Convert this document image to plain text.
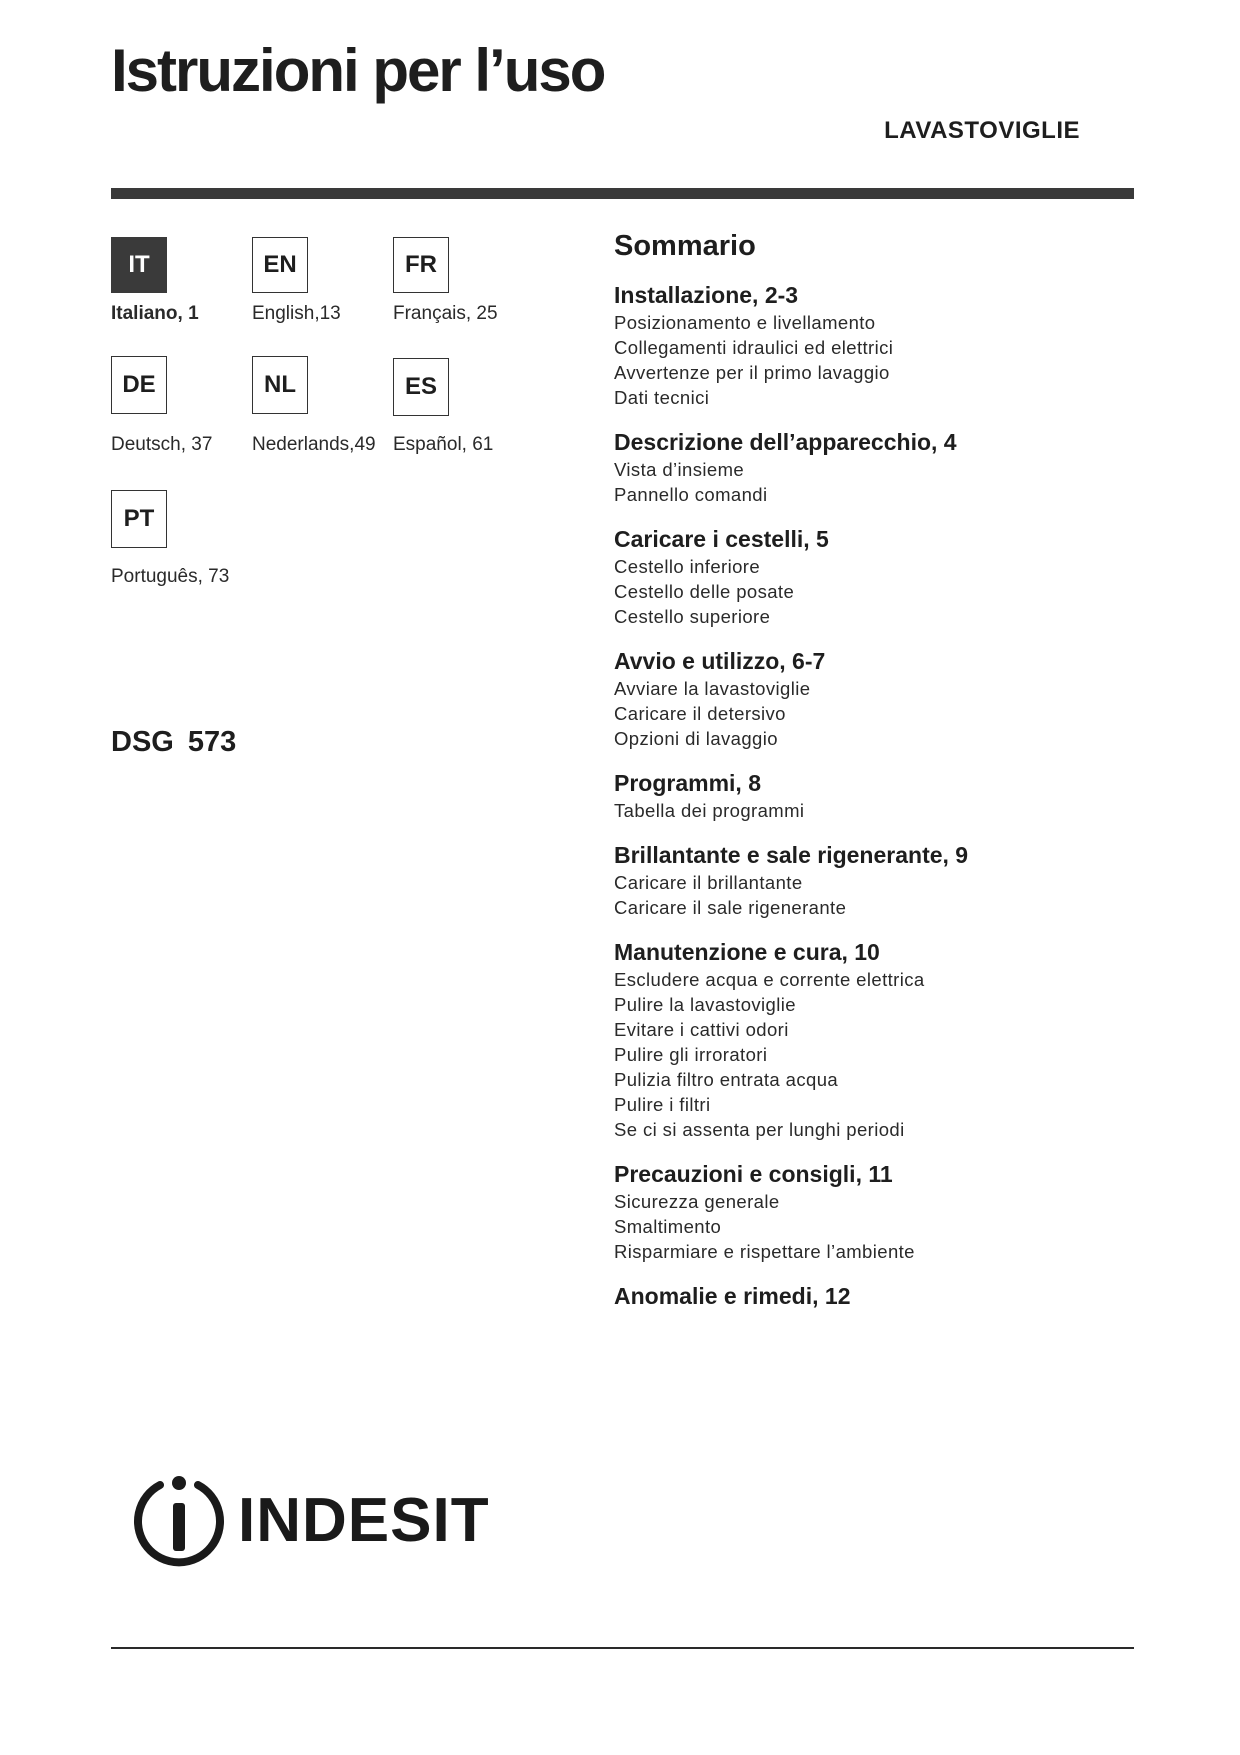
Istruzioni per l’uso
LAVASTOVIGLIE
IT
Italiano, 1
EN
English,13
FR
Français, 25
DE
Deutsch, 37
NL
Nederlands,49
ES
Español, 61
PT
Português, 73
DSG 573
Sommario

Installazione, 2-3

Posizionamento e livellamento

Collegamenti idraulici ed elettrici

Avvertenze per il primo lavaggio

Dati tecnici

Descrizione dell’apparecchio, 4

Vista d’insieme

Pannello comandi

Caricare i cestelli, 5

Cestello inferiore

Cestello delle posate

Cestello superiore

Avvio e utilizzo, 6-7

Avviare la lavastoviglie

Caricare il detersivo

Opzioni di lavaggio

Programmi, 8

Tabella dei programmi

Brillantante e sale rigenerante, 9

Caricare il brillantante

Caricare il sale rigenerante

Manutenzione e cura, 10

Escludere acqua e corrente elettrica

Pulire la lavastoviglie

Evitare i cattivi odori

Pulire gli irroratori

Pulizia filtro entrata acqua

Pulire i filtri

Se ci si assenta per lunghi periodi

Precauzioni e consigli, 11

Sicurezza generale

Smaltimento

Risparmiare e rispettare l’ambiente

Anomalie e rimedi, 12

INDESIT
